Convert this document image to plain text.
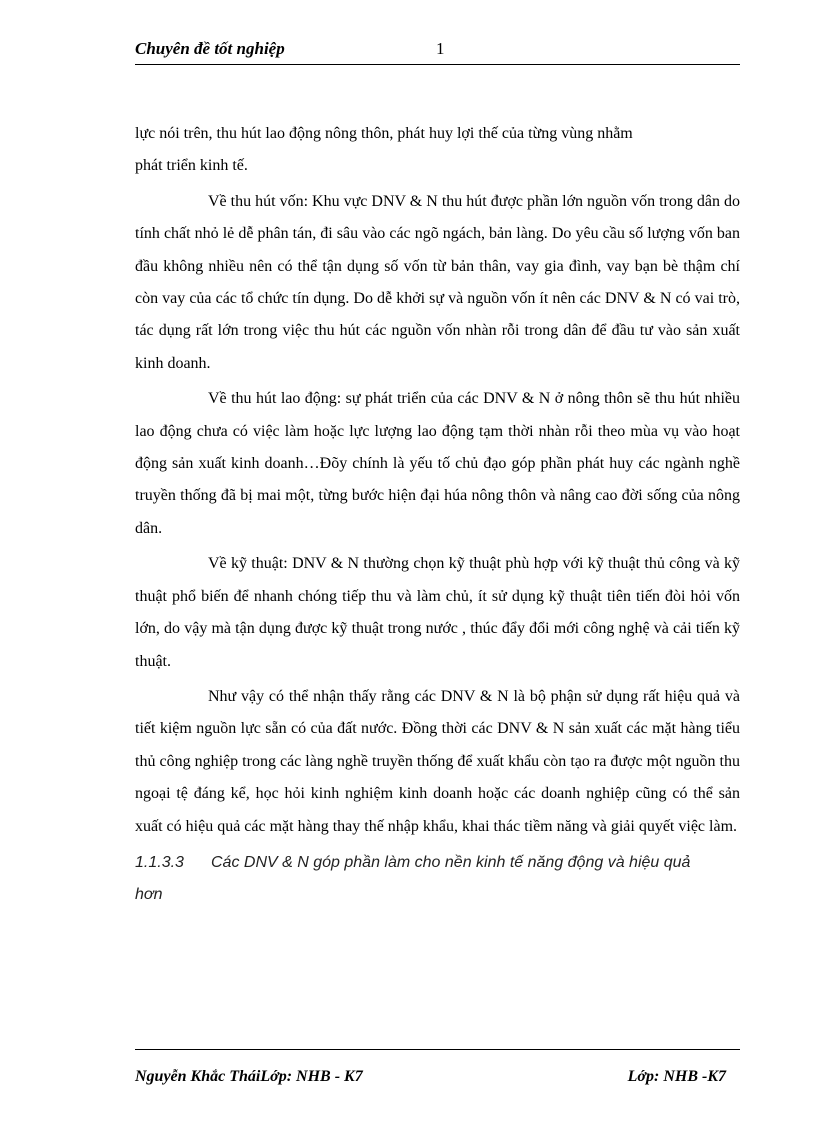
Chuyên đề tốt nghiệp	1

lực nói trên, thu hút lao động nông thôn, phát huy lợi thế của từng vùng nhằm
phát triển kinh tế.

Về thu hút vốn: Khu vực DNV & N thu hút được phần lớn nguồn vốn trong dân do tính chất nhỏ lẻ dễ phân tán, đi sâu vào các ngõ ngách, bản làng. Do yêu cầu số lượng vốn ban đầu không nhiều nên có thể tận dụng số vốn từ bản thân, vay gia đình, vay bạn bè thậm chí còn vay của các tổ chức tín dụng. Do dễ khởi sự và nguồn vốn ít nên các DNV & N có vai trò, tác dụng rất lớn trong việc thu hút các nguồn vốn nhàn rỗi trong dân để đầu tư vào sản xuất kinh doanh.

Về thu hút lao động: sự phát triển của các DNV & N ở nông thôn sẽ thu hút nhiều lao động chưa có việc làm hoặc lực lượng lao động tạm thời nhàn rỗi theo mùa vụ vào hoạt động sản xuất kinh doanh…Đõy chính là yếu tố chủ đạo góp phần phát huy các ngành nghề truyền thống đã bị mai một, từng bước hiện đại húa nông thôn và nâng cao đời sống của nông dân.

Về kỹ thuật: DNV & N thường chọn kỹ thuật phù hợp với kỹ thuật thủ công và kỹ thuật phổ biến để nhanh chóng tiếp thu và làm chủ, ít sử dụng kỹ thuật tiên tiến đòi hỏi vốn lớn, do vậy mà tận dụng được kỹ thuật trong nước , thúc đẩy đổi mới công nghệ và cải tiến kỹ thuật.

Như vậy có thể nhận thấy rằng các DNV & N là bộ phận sử dụng rất hiệu quả và tiết kiệm nguồn lực sẵn có của đất nước. Đồng thời các DNV & N sản xuất các mặt hàng tiểu thủ công nghiệp trong các làng nghề truyền thống để xuất khẩu còn tạo ra được một nguồn thu ngoại tệ đáng kể, học hỏi kinh nghiệm kinh doanh hoặc các doanh nghiệp cũng có thể sản xuất có hiệu quả các mặt hàng thay thế nhập khẩu, khai thác tiềm năng và giải quyết việc làm.

1.1.3.3 Các DNV & N góp phần làm cho nền kinh tế năng động và hiệu quả
hơn

Nguyễn Khắc TháiLớp: NHB - K7	Lớp: NHB -K7
